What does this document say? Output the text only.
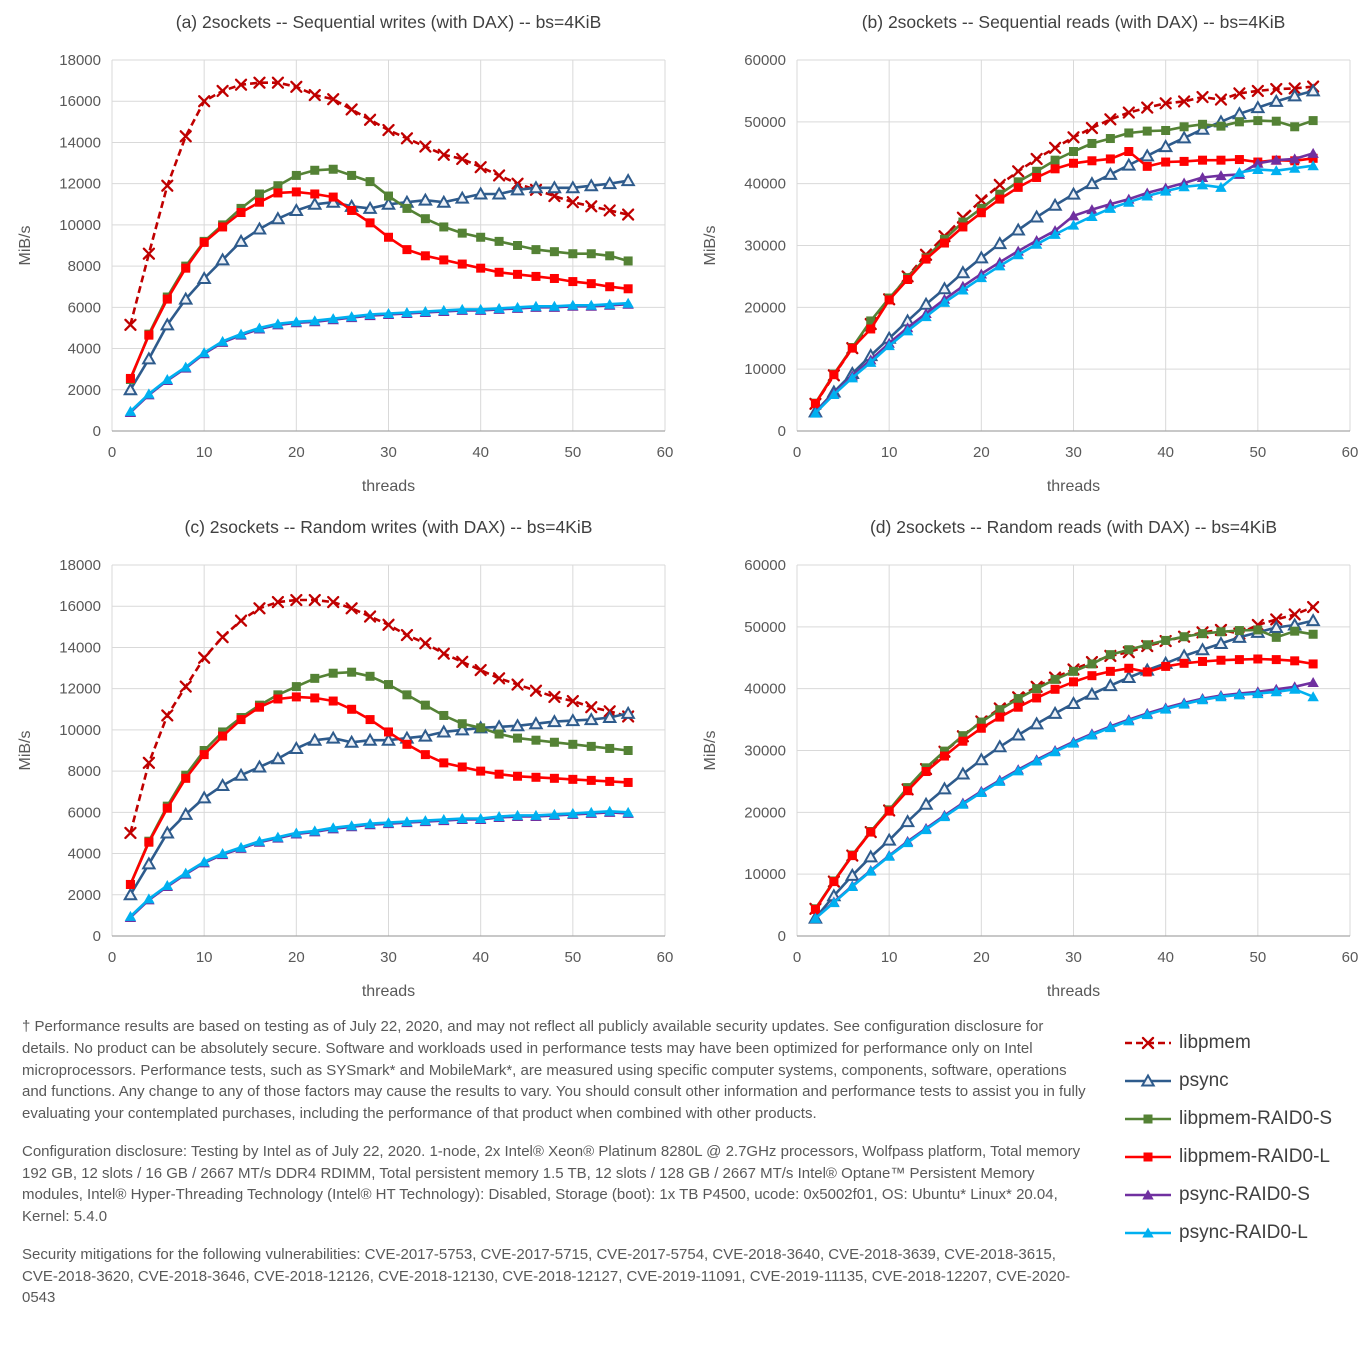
0	10	20	30	40	50	60
0
2000
4000
6000
8000
10000
12000
14000
16000
18000
(a) 2sockets -- Sequential writes (with DAX) -- bs=4KiB
threads
MiB/s
0	10	20	30	40	50	60
0
10000
20000
30000
40000
50000
60000
(b) 2sockets -- Sequential reads (with DAX) -- bs=4KiB
threads
MiB/s
0	10	20	30	40	50	60
0
2000
4000
6000
8000
10000
12000
14000
16000
18000
(c) 2sockets -- Random writes (with DAX) -- bs=4KiB
threads
MiB/s
0	10	20	30	40	50	60
0
10000
20000
30000
40000
50000
60000
(d) 2sockets -- Random reads (with DAX) -- bs=4KiB
threads
MiB/s

† Performance results are based on testing as of July 22, 2020, and may not reflect all publicly available security updates. See configuration disclosure for details. No product can be absolutely secure. Software and workloads used in performance tests may have been optimized for performance only on Intel microprocessors. Performance tests, such as SYSmark* and MobileMark*, are measured using specific computer systems, components, software, operations and functions. Any change to any of those factors may cause the results to vary. You should consult other information and performance tests to assist you in fully evaluating your contemplated purchases, including the performance of that product when combined with other products.

Configuration disclosure: Testing by Intel as of July 22, 2020. 1-node, 2x Intel® Xeon® Platinum 8280L @ 2.7GHz processors, Wolfpass platform, Total memory 192 GB, 12 slots / 16 GB / 2667 MT/s DDR4 RDIMM, Total persistent memory 1.5 TB, 12 slots / 128 GB / 2667 MT/s Intel® Optane™ Persistent Memory modules, Intel® Hyper-Threading Technology (Intel® HT Technology): Disabled, Storage (boot): 1x TB P4500, ucode: 0x5002f01, OS: Ubuntu* Linux* 20.04, Kernel: 5.4.0

Security mitigations for the following vulnerabilities: CVE-2017-5753, CVE-2017-5715, CVE-2017-5754, CVE-2018-3640, CVE-2018-3639, CVE-2018-3615, CVE-2018-3620, CVE-2018-3646, CVE-2018-12126, CVE-2018-12130, CVE-2018-12127, CVE-2019-11091, CVE-2019-11135, CVE-2018-12207, CVE-2020-0543

libpmem
psync
libpmem-RAID0-S
libpmem-RAID0-L
psync-RAID0-S
psync-RAID0-L
